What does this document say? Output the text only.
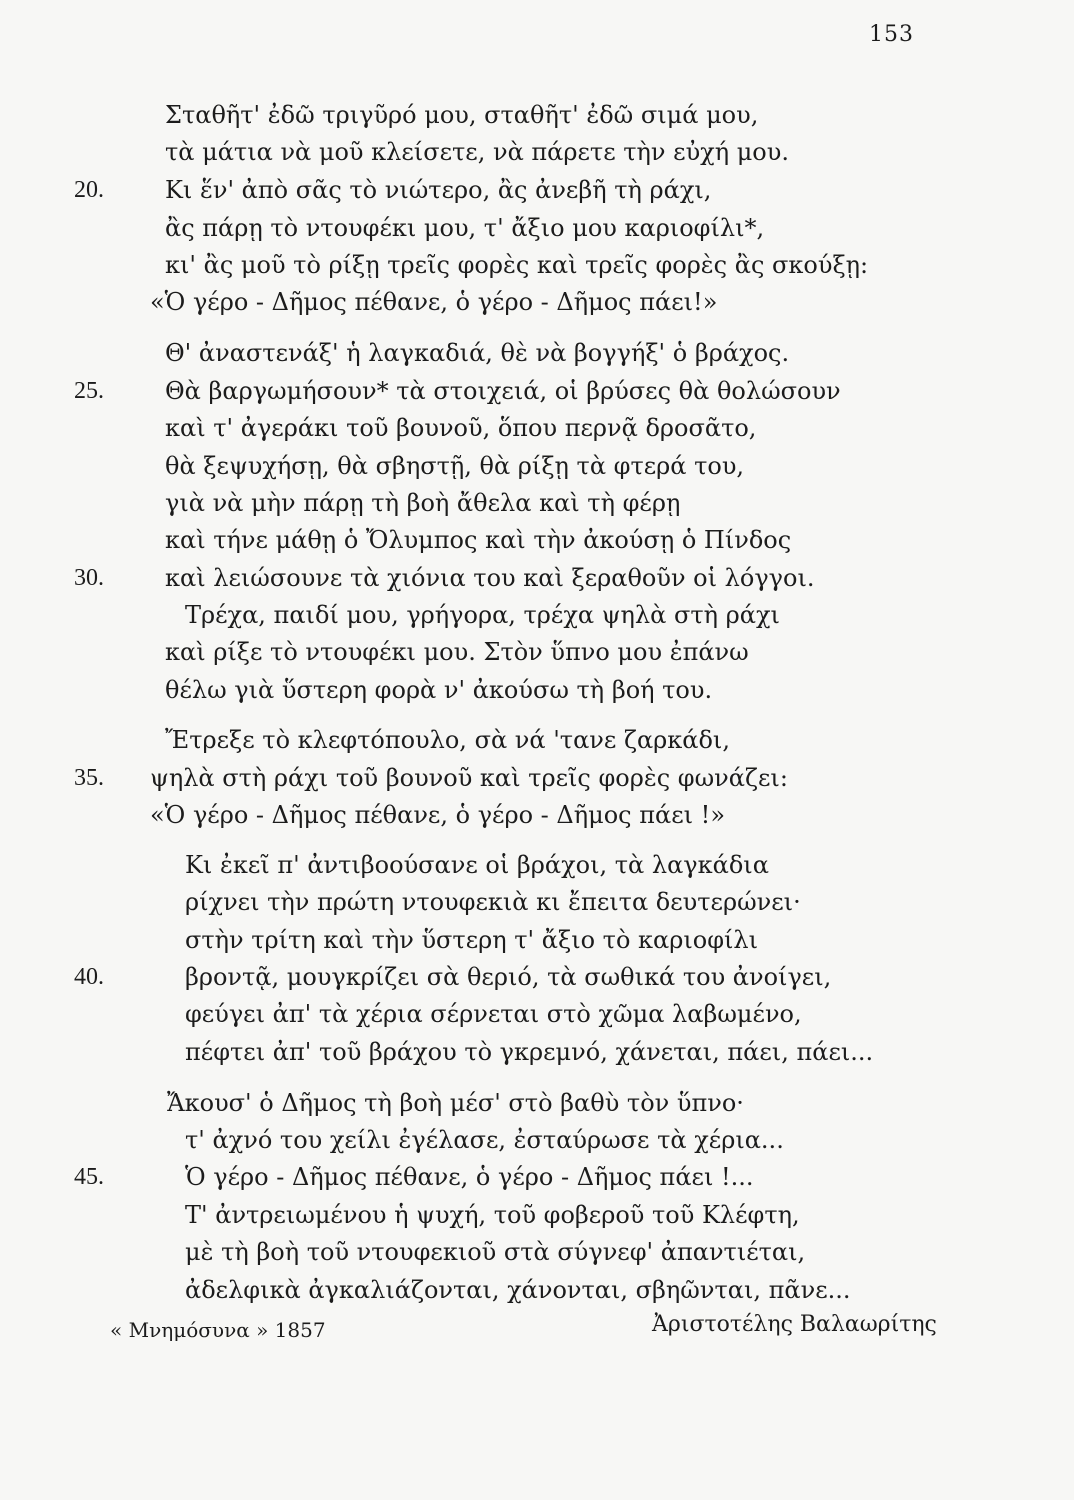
153
Σταθῆτ' ἐδῶ τριγῦρό μου, σταθῆτ' ἐδῶ σιμά μου,
τὰ μάτια νὰ μοῦ κλείσετε, νὰ πάρετε τὴν εὐχή μου.
20.	Κι ἕν' ἀπὸ σᾶς τὸ νιώτερο, ἂς ἀνεβῆ τὴ ράχι,
ἂς πάρῃ τὸ ντουφέκι μου, τ' ἄξιο μου καριοφίλι*,
κι' ἂς μοῦ τὸ ρίξῃ τρεῖς φορὲς καὶ τρεῖς φορὲς ἂς σκούξῃ:
«Ὁ γέρο - Δῆμος πέθανε, ὁ γέρο - Δῆμος πάει!»
Θ' ἀναστενάξ' ἡ λαγκαδιά, θὲ νὰ βογγήξ' ὁ βράχος.
25.	Θὰ βαργωμήσουν* τὰ στοιχειά, οἱ βρύσες θὰ θολώσουν
καὶ τ' ἀγεράκι τοῦ βουνοῦ, ὅπου περνᾷ δροσᾶτο,
θὰ ξεψυχήσῃ, θὰ σβηστῇ, θὰ ρίξῃ τὰ φτερά του,
γιὰ νὰ μὴν πάρῃ τὴ βοὴ ἄθελα καὶ τὴ φέρῃ
καὶ τήνε μάθῃ ὁ Ὄλυμπος καὶ τὴν ἀκούσῃ ὁ Πίνδος
30.	καὶ λειώσουνε τὰ χιόνια του καὶ ξεραθοῦν οἱ λόγγοι.
Τρέχα, παιδί μου, γρήγορα, τρέχα ψηλὰ στὴ ράχι
καὶ ρίξε τὸ ντουφέκι μου. Στὸν ὕπνο μου ἐπάνω
θέλω γιὰ ὕστερη φορὰ ν' ἀκούσω τὴ βοή του.
Ἔτρεξε τὸ κλεφτόπουλο, σὰ νά 'τανε ζαρκάδι,
35. ψηλὰ στὴ ράχι τοῦ βουνοῦ καὶ τρεῖς φορὲς φωνάζει:
«Ὁ γέρο - Δῆμος πέθανε, ὁ γέρο - Δῆμος πάει !»
Κι ἐκεῖ π' ἀντιβοούσανε οἱ βράχοι, τὰ λαγκάδια
ρίχνει τὴν πρώτη ντουφεκιὰ κι ἔπειτα δευτερώνει·
στὴν τρίτη καὶ τὴν ὕστερη τ' ἄξιο τὸ καριοφίλι
40.	βροντᾷ, μουγκρίζει σὰ θεριό, τὰ σωθικά του ἀνοίγει,
φεύγει ἀπ' τὰ χέρια σέρνεται στὸ χῶμα λαβωμένο,
πέφτει ἀπ' τοῦ βράχου τὸ γκρεμνό, χάνεται, πάει, πάει...
Ἄκουσ' ὁ Δῆμος τὴ βοὴ μέσ' στὸ βαθὺ τὸν ὕπνο·
τ' ἀχνό του χείλι ἐγέλασε, ἐσταύρωσε τὰ χέρια...
45.	Ὁ γέρο - Δῆμος πέθανε, ὁ γέρο - Δῆμος πάει !...
Τ' ἀντρειωμένου ἡ ψυχή, τοῦ φοβεροῦ τοῦ Κλέφτη,
μὲ τὴ βοὴ τοῦ ντουφεκιοῦ στὰ σύγνεφ' ἀπαντιέται,
ἀδελφικὰ ἀγκαλιάζονται, χάνονται, σβηῶνται, πᾶνε...
« Μνημόσυνα » 1857	Ἀριστοτέλης Βαλαωρίτης
